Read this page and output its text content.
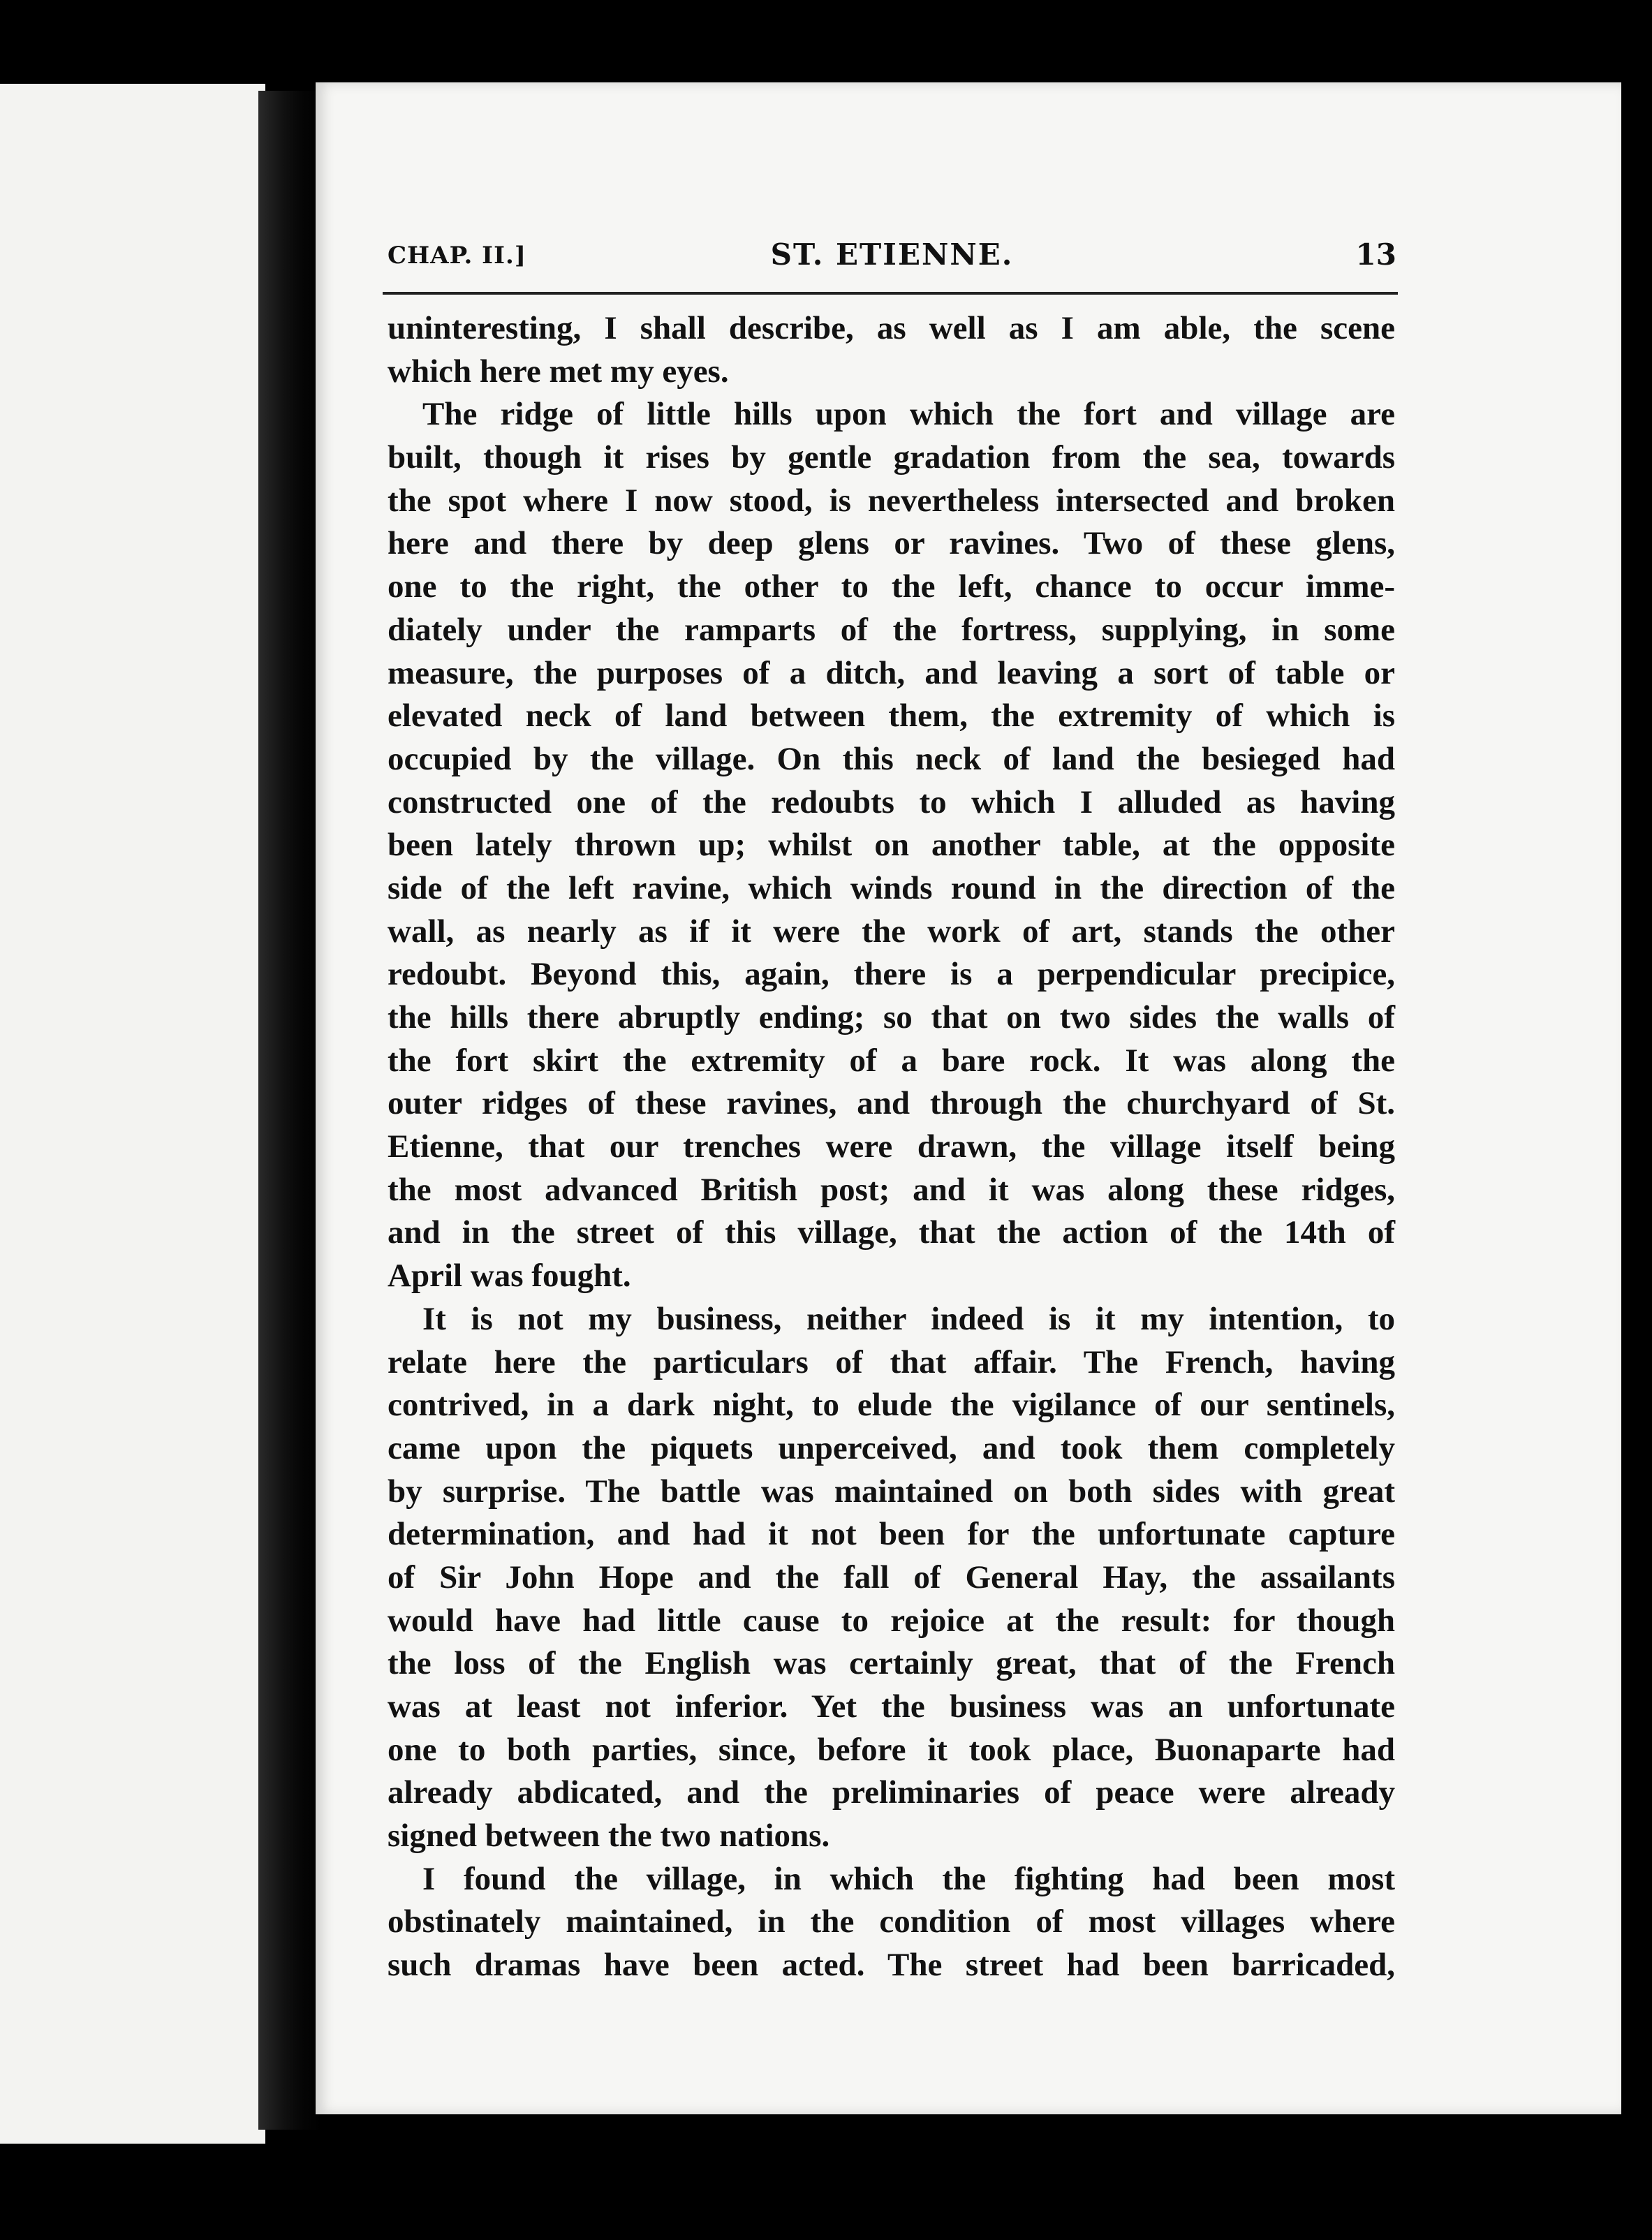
CHAP. II.]	ST. ETIENNE.	13
uninteresting, I shall describe, as well as I am able, the scene
which here met my eyes.
The ridge of little hills upon which the fort and village are
built, though it rises by gentle gradation from the sea, towards
the spot where I now stood, is nevertheless intersected and broken
here and there by deep glens or ravines. Two of these glens,
one to the right, the other to the left, chance to occur imme-
diately under the ramparts of the fortress, supplying, in some
measure, the purposes of a ditch, and leaving a sort of table or
elevated neck of land between them, the extremity of which is
occupied by the village. On this neck of land the besieged had
constructed one of the redoubts to which I alluded as having
been lately thrown up; whilst on another table, at the opposite
side of the left ravine, which winds round in the direction of the
wall, as nearly as if it were the work of art, stands the other
redoubt. Beyond this, again, there is a perpendicular precipice,
the hills there abruptly ending; so that on two sides the walls of
the fort skirt the extremity of a bare rock. It was along the
outer ridges of these ravines, and through the churchyard of St.
Etienne, that our trenches were drawn, the village itself being
the most advanced British post; and it was along these ridges,
and in the street of this village, that the action of the 14th of
April was fought.
It is not my business, neither indeed is it my intention, to
relate here the particulars of that affair. The French, having
contrived, in a dark night, to elude the vigilance of our sentinels,
came upon the piquets unperceived, and took them completely
by surprise. The battle was maintained on both sides with great
determination, and had it not been for the unfortunate capture
of Sir John Hope and the fall of General Hay, the assailants
would have had little cause to rejoice at the result: for though
the loss of the English was certainly great, that of the French
was at least not inferior. Yet the business was an unfortunate
one to both parties, since, before it took place, Buonaparte had
already abdicated, and the preliminaries of peace were already
signed between the two nations.
I found the village, in which the fighting had been most
obstinately maintained, in the condition of most villages where
such dramas have been acted. The street had been barricaded,
